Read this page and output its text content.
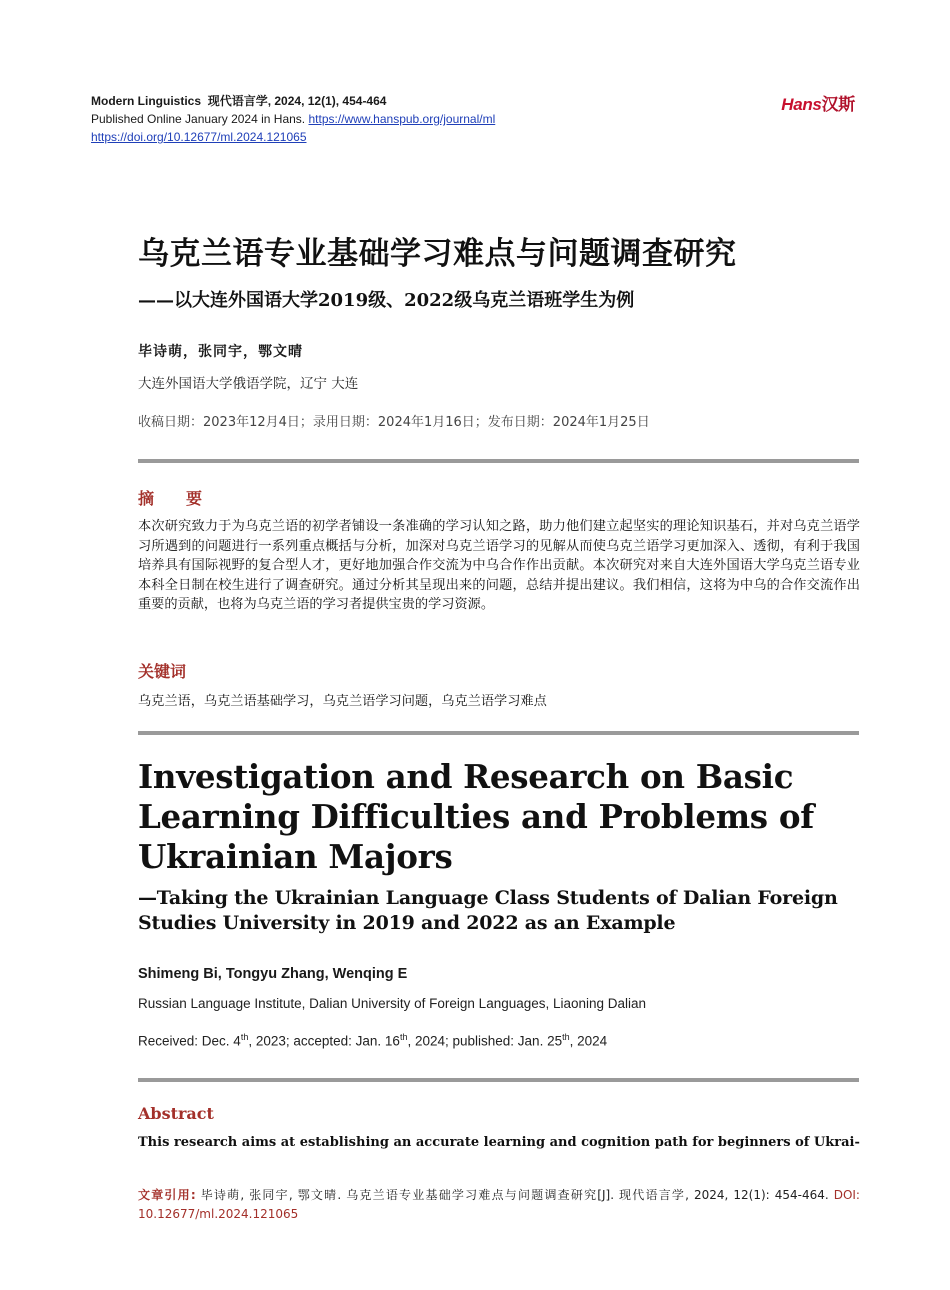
Modern Linguistics 现代语言学, 2024, 12(1), 454-464
Published Online January 2024 in Hans. https://www.hanspub.org/journal/ml
https://doi.org/10.12677/ml.2024.121065
Hans汉斯
乌克兰语专业基础学习难点与问题调查研究
——以大连外国语大学2019级、2022级乌克兰语班学生为例
毕诗萌，张同宇，鄂文晴
大连外国语大学俄语学院，辽宁 大连
收稿日期：2023年12月4日；录用日期：2024年1月16日；发布日期：2024年1月25日
摘　要
本次研究致力于为乌克兰语的初学者铺设一条准确的学习认知之路，助力他们建立起坚实的理论知识基石，并对乌克兰语学习所遇到的问题进行一系列重点概括与分析，加深对乌克兰语学习的见解从而使乌克兰语学习更加深入、透彻，有利于我国培养具有国际视野的复合型人才，更好地加强合作交流为中乌合作作出贡献。本次研究对来自大连外国语大学乌克兰语专业本科全日制在校生进行了调查研究。通过分析其呈现出来的问题，总结并提出建议。我们相信，这将为中乌的合作交流作出重要的贡献，也将为乌克兰语的学习者提供宝贵的学习资源。
关键词
乌克兰语，乌克兰语基础学习，乌克兰语学习问题，乌克兰语学习难点
Investigation and Research on Basic Learning Difficulties and Problems of Ukrainian Majors
—Taking the Ukrainian Language Class Students of Dalian Foreign Studies University in 2019 and 2022 as an Example
Shimeng Bi, Tongyu Zhang, Wenqing E
Russian Language Institute, Dalian University of Foreign Languages, Liaoning Dalian
Received: Dec. 4th, 2023; accepted: Jan. 16th, 2024; published: Jan. 25th, 2024
Abstract
This research aims at establishing an accurate learning and cognition path for beginners of Ukrai-
文章引用: 毕诗萌, 张同宇, 鄂文晴. 乌克兰语专业基础学习难点与问题调查研究[J]. 现代语言学, 2024, 12(1): 454-464. DOI: 10.12677/ml.2024.121065
